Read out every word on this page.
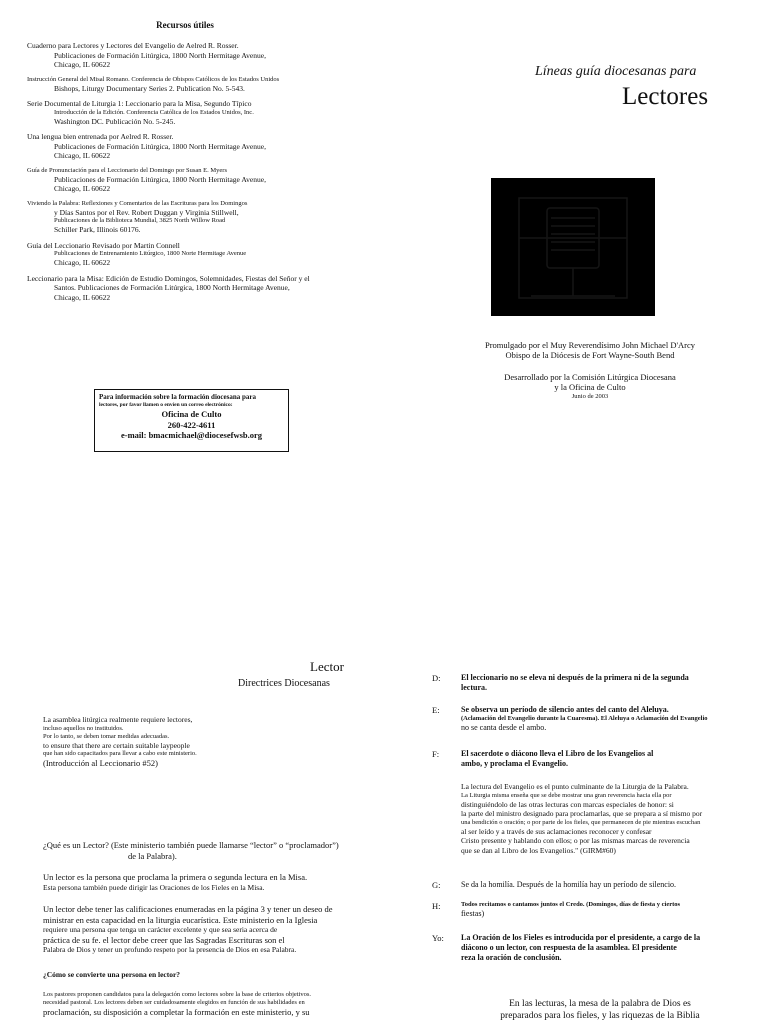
Recursos útiles
Cuaderno para Lectores y Lectores del Evangelio de Aelred R. Rosser.
Publicaciones de Formación Litúrgica, 1800 North Hermitage Avenue,
Chicago, IL 60622
Instrucción General del Misal Romano. Conferencia de Obispos Católicos de los Estados Unidos
Bishops, Liturgy Documentary Series 2. Publication No. 5-543.
Serie Documental de Liturgia 1: Leccionario para la Misa, Segundo Típico
Introducción de la Edición. Conferencia Católica de los Estados Unidos, Inc.
Washington DC. Publicación No. 5-245.
Una lengua bien entrenada por Aelred R. Rosser.
Publicaciones de Formación Litúrgica, 1800 North Hermitage Avenue,
Chicago, IL 60622
Guía de Pronunciación para el Leccionario del Domingo por Susan E. Myers
Publicaciones de Formación Litúrgica, 1800 North Hermitage Avenue,
Chicago, IL 60622
Viviendo la Palabra: Reflexiones y Comentarios de las Escrituras para los Domingos
y Días Santos por el Rev. Robert Duggan y Virginia Stillwell,
Publicaciones de la Biblioteca Mundial, 3825 North Willow Road
Schiller Park, Illinois 60176.
Guía del Leccionario Revisado por Martin Connell
Publicaciones de Entrenamiento Litúrgico, 1800 Norte Hermitage Avenue
Chicago, IL 60622
Leccionario para la Misa: Edición de Estudio Domingos, Solemnidades, Fiestas del Señor y el
Santos. Publicaciones de Formación Litúrgica, 1800 North Hermitage Avenue,
Chicago, IL 60622
Para información sobre la formación diocesana para
lectores, por favor llamen o envíen un correo electrónico:
Oficina de Culto
260-422-4611
e-mail: bmacmichael@diocesefwsb.org
Líneas guía diocesanas para
Lectores
Promulgado por el Muy Reverendísimo John Michael D'Arcy
Obispo de la Diócesis de Fort Wayne-South Bend
Desarrollado por la Comisión Litúrgica Diocesana
y la Oficina de Culto
Junio de 2003
Lector
Directrices Diocesanas
La asamblea litúrgica realmente requiere lectores,
incluso aquellos no instituidos.
Por lo tanto, se deben tomar medidas adecuadas.
to ensure that there are certain suitable laypeople
que han sido capacitados para llevar a cabo este ministerio.
(Introducción al Leccionario #52)
¿Qué es un Lector? (Este ministerio también puede llamarse “lector” o “proclamador”)
de la Palabra).
Un lector es la persona que proclama la primera o segunda lectura en la Misa.
Esta persona también puede dirigir las Oraciones de los Fieles en la Misa.
Un lector debe tener las calificaciones enumeradas en la página 3 y tener un deseo de
ministrar en esta capacidad en la liturgia eucarística. Este ministerio en la Iglesia
requiere una persona que tenga un carácter excelente y que sea seria acerca de
práctica de su fe. el lector debe creer que las Sagradas Escrituras son el
Palabra de Dios y tener un profundo respeto por la presencia de Dios en esa Palabra.
¿Cómo se convierte una persona en lector?
Los pastores proponen candidatos para la delegación como lectores sobre la base de criterios objetivos.
necesidad pastoral. Los lectores deben ser cuidadosamente elegidos en función de sus habilidades en
proclamación, su disposición a completar la formación en este ministerio, y su
D:	El leccionario no se eleva ni después de la primera ni de la segunda
lectura.
E:	Se observa un período de silencio antes del canto del Aleluya.
(Aclamación del Evangelio durante la Cuaresma). El Aleluya o Aclamación del Evangelio
no se canta desde el ambo.
F:	El sacerdote o diácono lleva el Libro de los Evangelios al
ambo, y proclama el Evangelio.
G:	Se da la homilía. Después de la homilía hay un período de silencio.
H:	Todos recitamos o cantamos juntos el Credo. (Domingos, días de fiesta y ciertos
fiestas)
Yo: La Oración de los Fieles es introducida por el presidente, a cargo de la
diácono o un lector, con respuesta de la asamblea. El presidente
reza la oración de conclusión.
La lectura del Evangelio es el punto culminante de la Liturgia de la Palabra.
La Liturgia misma enseña que se debe mostrar una gran reverencia hacia ella por
distinguiéndolo de las otras lecturas con marcas especiales de honor: si
la parte del ministro designado para proclamarlas, que se prepara a sí mismo por
una bendición o oración; o por parte de los fieles, que permanecen de pie mientras escuchan
al ser leído y a través de sus aclamaciones reconocer y confesar
Cristo presente y hablando con ellos; o por las mismas marcas de reverencia
que se dan al Libro de los Evangelios." (GIRM#60)
En las lecturas, la mesa de la palabra de Dios es
preparados para los fieles, y las riquezas de la Biblia
